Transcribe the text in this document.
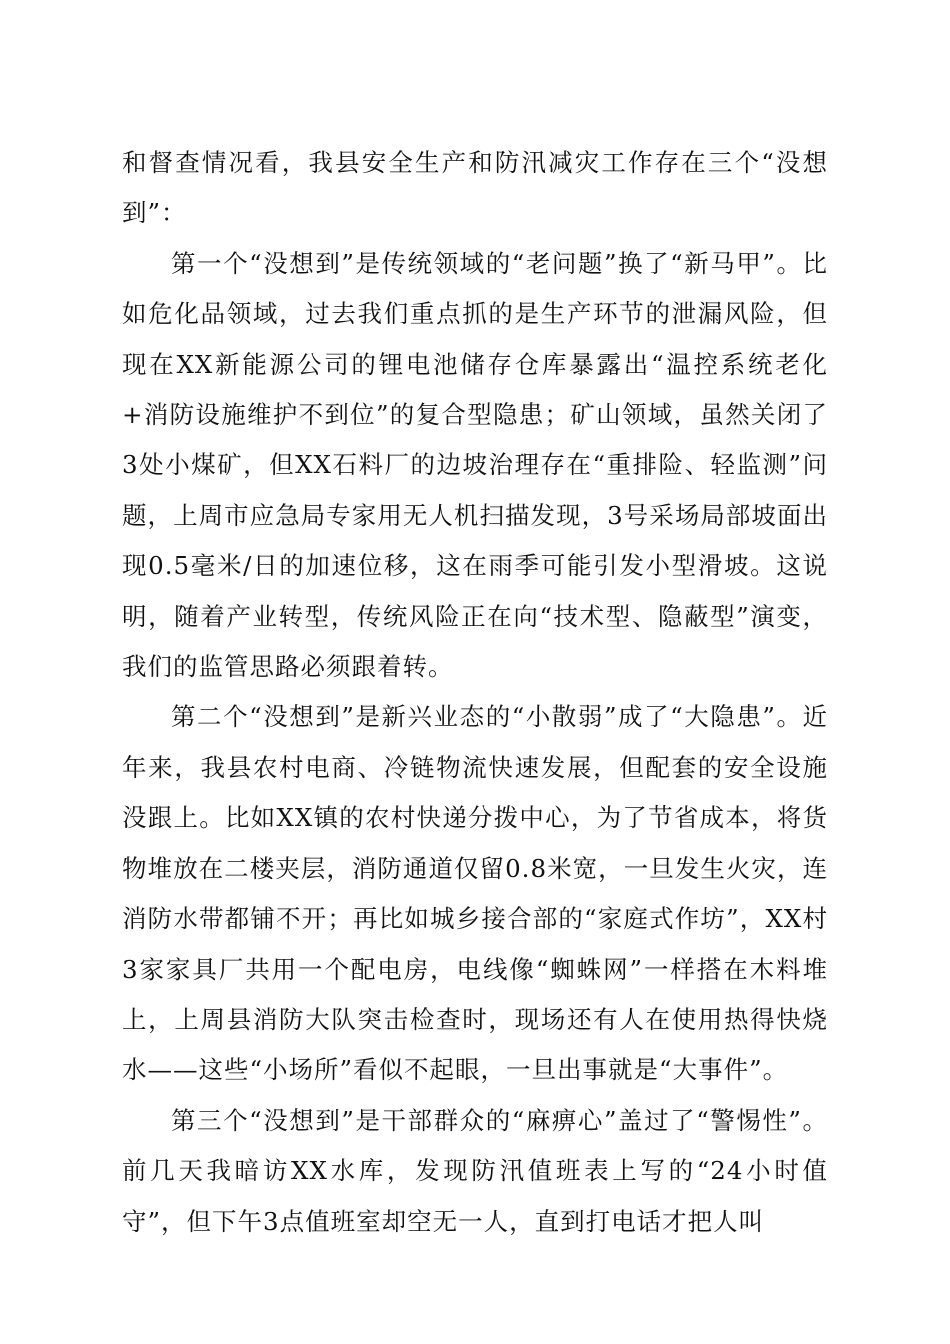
和督查情况看，我县安全生产和防汛减灾工作存在三个“没想到”：

第一个“没想到”是传统领域的“老问题”换了“新马甲”。比如危化品领域，过去我们重点抓的是生产环节的泄漏风险，但现在XX新能源公司的锂电池储存仓库暴露出“温控系统老化+消防设施维护不到位”的复合型隐患；矿山领域，虽然关闭了3处小煤矿，但XX石料厂的边坡治理存在“重排险、轻监测”问题，上周市应急局专家用无人机扫描发现，3号采场局部坡面出现0.5毫米/日的加速位移，这在雨季可能引发小型滑坡。这说明，随着产业转型，传统风险正在向“技术型、隐蔽型”演变，我们的监管思路必须跟着转。

第二个“没想到”是新兴业态的“小散弱”成了“大隐患”。近年来，我县农村电商、冷链物流快速发展，但配套的安全设施没跟上。比如XX镇的农村快递分拨中心，为了节省成本，将货物堆放在二楼夹层，消防通道仅留0.8米宽，一旦发生火灾，连消防水带都铺不开；再比如城乡接合部的“家庭式作坊”，XX村3家家具厂共用一个配电房，电线像“蜘蛛网”一样搭在木料堆上，上周县消防大队突击检查时，现场还有人在使用热得快烧水——这些“小场所”看似不起眼，一旦出事就是“大事件”。

第三个“没想到”是干部群众的“麻痹心”盖过了“警惕性”。前几天我暗访XX水库，发现防汛值班表上写的“24小时值守”，但下午3点值班室却空无一人，直到打电话才把人叫
